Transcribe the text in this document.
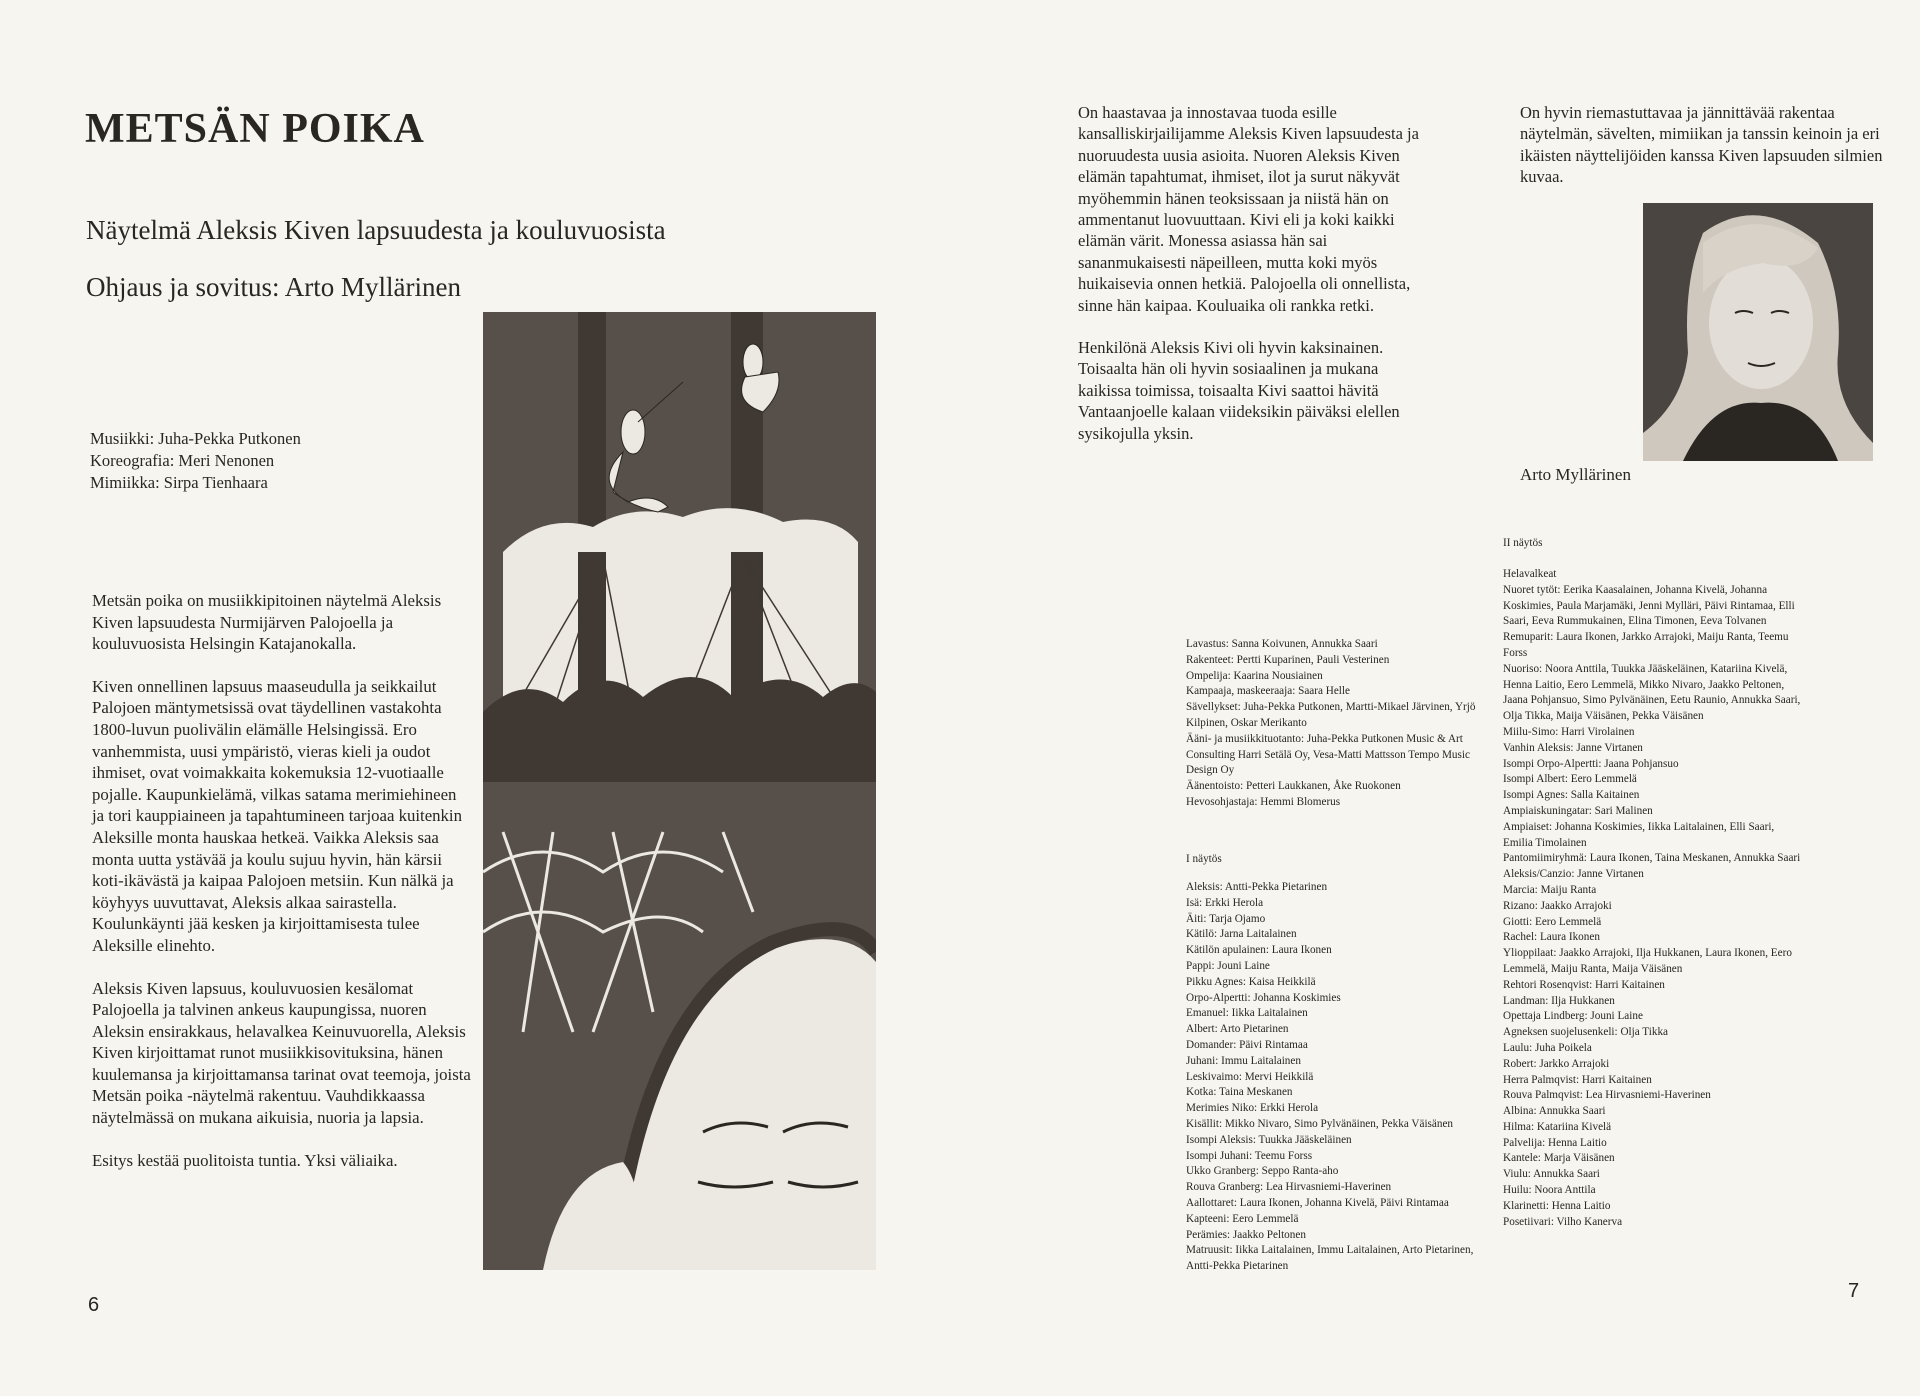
METSÄN POIKA
Näytelmä Aleksis Kiven lapsuudesta ja kouluvuosista
Ohjaus ja sovitus: Arto Myllärinen
Musiikki: Juha-Pekka Putkonen
Koreografia: Meri Nenonen
Mimiikka: Sirpa Tienhaara

Metsän poika on musiikkipitoinen näytelmä Aleksis Kiven lapsuudesta Nurmijärven Palojoella ja kouluvuosista Helsingin Katajanokalla.

Kiven onnellinen lapsuus maaseudulla ja seikkailut Palojoen mäntymetsissä ovat täydellinen vastakohta 1800-luvun puolivälin elämälle Helsingissä. Ero vanhemmista, uusi ympäristö, vieras kieli ja oudot ihmiset, ovat voimakkaita kokemuksia 12-vuotiaalle pojalle. Kaupunkielämä, vilkas satama merimiehineen ja tori kauppiaineen ja tapahtumineen tarjoaa kuitenkin Aleksille monta hauskaa hetkeä. Vaikka Aleksis saa monta uutta ystävää ja koulu sujuu hyvin, hän kärsii koti-ikävästä ja kaipaa Palojoen metsiin. Kun nälkä ja köyhyys uuvuttavat, Aleksis alkaa sairastella. Koulunkäynti jää kesken ja kirjoittamisesta tulee Aleksille elinehto.

Aleksis Kiven lapsuus, kouluvuosien kesälomat Palojoella ja talvinen ankeus kaupungissa, nuoren Aleksin ensirakkaus, helavalkea Keinuvuorella, Aleksis Kiven kirjoittamat runot musiikkisovituksina, hänen kuulemansa ja kirjoittamansa tarinat ovat teemoja, joista Metsän poika -näytelmä rakentuu. Vauhdikkaassa näytelmässä on mukana aikuisia, nuoria ja lapsia.

Esitys kestää puolitoista tuntia. Yksi väliaika.

6

On haastavaa ja innostavaa tuoda esille kansalliskirjailijamme Aleksis Kiven lapsuudesta ja nuoruudesta uusia asioita. Nuoren Aleksis Kiven elämän tapahtumat, ihmiset, ilot ja surut näkyvät myöhemmin hänen teoksissaan ja niistä hän on ammentanut luovuuttaan. Kivi eli ja koki kaikki elämän värit. Monessa asiassa hän sai sananmukaisesti näpeilleen, mutta koki myös huikaisevia onnen hetkiä. Palojoella oli onnellista, sinne hän kaipaa. Kouluaika oli rankka retki.

Henkilönä Aleksis Kivi oli hyvin kaksinainen. Toisaalta hän oli hyvin sosiaalinen ja mukana kaikissa toimissa, toisaalta Kivi saattoi hävitä Vantaanjoelle kalaan viideksikin päiväksi elellen sysikojulla yksin.

On hyvin riemastuttavaa ja jännittävää rakentaa näytelmän, sävelten, mimiikan ja tanssin keinoin ja eri ikäisten näyttelijöiden kanssa Kiven lapsuuden silmien kuvaa.
Arto Myllärinen
Lavastus: Sanna Koivunen, Annukka Saari
Rakenteet: Pertti Kuparinen, Pauli Vesterinen
Ompelija: Kaarina Nousiainen
Kampaaja, maskeeraaja: Saara Helle
Sävellykset: Juha-Pekka Putkonen, Martti-Mikael Järvinen, Yrjö Kilpinen, Oskar Merikanto
Ääni- ja musiikkituotanto: Juha-Pekka Putkonen Music & Art Consulting Harri Setälä Oy, Vesa-Matti Mattsson Tempo Music Design Oy
Äänentoisto: Petteri Laukkanen, Åke Ruokonen
Hevosohjastaja: Hemmi Blomerus
I näytös
Aleksis: Antti-Pekka Pietarinen
Isä: Erkki Herola
Äiti: Tarja Ojamo
Kätilö: Jarna Laitalainen
Kätilön apulainen: Laura Ikonen
Pappi: Jouni Laine
Pikku Agnes: Kaisa Heikkilä
Orpo-Alpertti: Johanna Koskimies
Emanuel: Iikka Laitalainen
Albert: Arto Pietarinen
Domander: Päivi Rintamaa
Juhani: Immu Laitalainen
Leskivaimo: Mervi Heikkilä
Kotka: Taina Meskanen
Merimies Niko: Erkki Herola
Kisällit: Mikko Nivaro, Simo Pylvänäinen, Pekka Väisänen
Isompi Aleksis: Tuukka Jääskeläinen
Isompi Juhani: Teemu Forss
Ukko Granberg: Seppo Ranta-aho
Rouva Granberg: Lea Hirvasniemi-Haverinen
Aallottaret: Laura Ikonen, Johanna Kivelä, Päivi Rintamaa
Kapteeni: Eero Lemmelä
Perämies: Jaakko Peltonen
Matruusit: Iikka Laitalainen, Immu Laitalainen, Arto Pietarinen, Antti-Pekka Pietarinen
II näytös
Helavalkeat
Nuoret tytöt: Eerika Kaasalainen, Johanna Kivelä, Johanna Koskimies, Paula Marjamäki, Jenni Mylläri, Päivi Rintamaa, Elli Saari, Eeva Rummukainen, Elina Timonen, Eeva Tolvanen
Remuparit: Laura Ikonen, Jarkko Arrajoki, Maiju Ranta, Teemu Forss
Nuoriso: Noora Anttila, Tuukka Jääskeläinen, Katariina Kivelä, Henna Laitio, Eero Lemmelä, Mikko Nivaro, Jaakko Peltonen, Jaana Pohjansuo, Simo Pylvänäinen, Eetu Raunio, Annukka Saari, Olja Tikka, Maija Väisänen, Pekka Väisänen
Miilu-Simo: Harri Virolainen
Vanhin Aleksis: Janne Virtanen
Isompi Orpo-Alpertti: Jaana Pohjansuo
Isompi Albert: Eero Lemmelä
Isompi Agnes: Salla Kaitainen
Ampiaiskuningatar: Sari Malinen
Ampiaiset: Johanna Koskimies, Iikka Laitalainen, Elli Saari, Emilia Timolainen
Pantomiimiryhmä: Laura Ikonen, Taina Meskanen, Annukka Saari
Aleksis/Canzio: Janne Virtanen
Marcia: Maiju Ranta
Rizano: Jaakko Arrajoki
Giotti: Eero Lemmelä
Rachel: Laura Ikonen
Ylioppilaat: Jaakko Arrajoki, Ilja Hukkanen, Laura Ikonen, Eero Lemmelä, Maiju Ranta, Maija Väisänen
Rehtori Rosenqvist: Harri Kaitainen
Landman: Ilja Hukkanen
Opettaja Lindberg: Jouni Laine
Agneksen suojelusenkeli: Olja Tikka
Laulu: Juha Poikela
Robert: Jarkko Arrajoki
Herra Palmqvist: Harri Kaitainen
Rouva Palmqvist: Lea Hirvasniemi-Haverinen
Albina: Annukka Saari
Hilma: Katariina Kivelä
Palvelija: Henna Laitio
Kantele: Marja Väisänen
Viulu: Annukka Saari
Huilu: Noora Anttila
Klarinetti: Henna Laitio
Posetiivari: Vilho Kanerva
7
